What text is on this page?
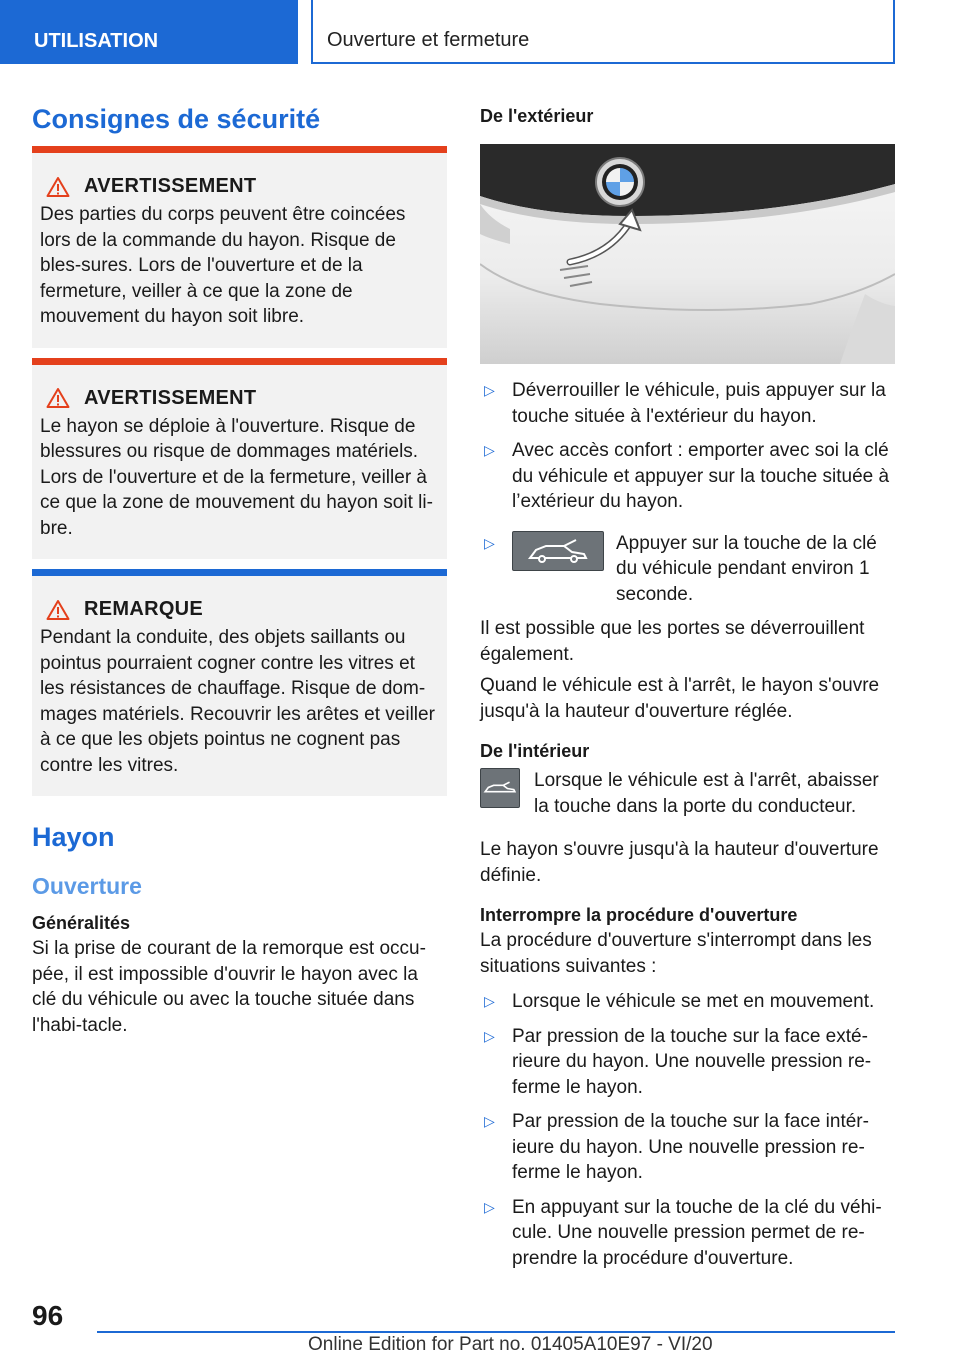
UTILISATION	Ouverture et fermeture
Consignes de sécurité
AVERTISSEMENT

Des parties du corps peuvent être coincées lors de la commande du hayon. Risque de bles-sures. Lors de l'ouverture et de la fermeture, veiller à ce que la zone de mouvement du hayon soit libre.

AVERTISSEMENT

Le hayon se déploie à l'ouverture. Risque de blessures ou risque de dommages matériels. Lors de l'ouverture et de la fermeture, veiller à ce que la zone de mouvement du hayon soit li-bre.

REMARQUE

Pendant la conduite, des objets saillants ou pointus pourraient cogner contre les vitres et les résistances de chauffage. Risque de dom-mages matériels. Recouvrir les arêtes et veiller à ce que les objets pointus ne cognent pas contre les vitres.

Hayon
Ouverture
Généralités

Si la prise de courant de la remorque est occu-pée, il est impossible d'ouvrir le hayon avec la clé du véhicule ou avec la touche située dans l'habi-tacle.

De l'extérieur
▷ Déverrouiller le véhicule, puis appuyer sur la touche située à l'extérieur du hayon.
▷ Avec accès confort : emporter avec soi la clé du véhicule et appuyer sur la touche située à l’extérieur du hayon.
▷	Appuyer sur la touche de la clé du véhicule pendant environ 1 seconde.

Il est possible que les portes se déverrouillent également.

Quand le véhicule est à l'arrêt, le hayon s'ouvre jusqu'à la hauteur d'ouverture réglée.

De l'intérieur

Lorsque le véhicule est à l'arrêt, abaisser la touche dans la porte du conducteur.

Le hayon s'ouvre jusqu'à la hauteur d'ouverture définie.

Interrompre la procédure d'ouverture

La procédure d'ouverture s'interrompt dans les situations suivantes :

▷ Lorsque le véhicule se met en mouvement.
▷ Par pression de la touche sur la face exté-rieure du hayon. Une nouvelle pression re-ferme le hayon.
▷ Par pression de la touche sur la face intér-ieure du hayon. Une nouvelle pression re-ferme le hayon.
▷ En appuyant sur la touche de la clé du véhi-cule. Une nouvelle pression permet de re-prendre la procédure d'ouverture.
96
Online Edition for Part no. 01405A10E97 - VI/20
